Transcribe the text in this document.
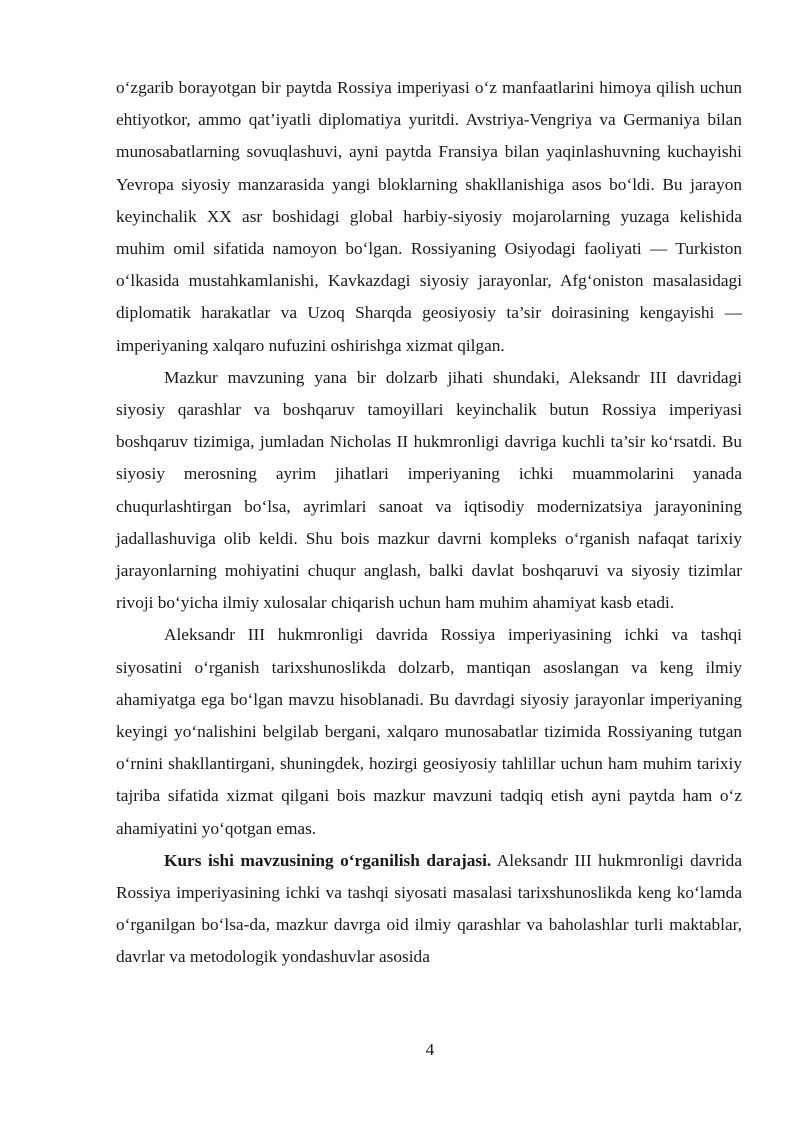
o‘zgarib borayotgan bir paytda Rossiya imperiyasi o‘z manfaatlarini himoya qilish uchun ehtiyotkor, ammo qat’iyatli diplomatiya yuritdi. Avstriya-Vengriya va Germaniya bilan munosabatlarning sovuqlashuvi, ayni paytda Fransiya bilan yaqinlashuvning kuchayishi Yevropa siyosiy manzarasida yangi bloklarning shakllanishiga asos bo‘ldi. Bu jarayon keyinchalik XX asr boshidagi global harbiy-siyosiy mojarolarning yuzaga kelishida muhim omil sifatida namoyon bo‘lgan. Rossiyaning Osiyodagi faoliyati — Turkiston o‘lkasida mustahkamlanishi, Kavkazdagi siyosiy jarayonlar, Afg‘oniston masalasidagi diplomatik harakatlar va Uzoq Sharqda geosiyosiy ta’sir doirasining kengayishi — imperiyaning xalqaro nufuzini oshirishga xizmat qilgan.

Mazkur mavzuning yana bir dolzarb jihati shundaki, Aleksandr III davridagi siyosiy qarashlar va boshqaruv tamoyillari keyinchalik butun Rossiya imperiyasi boshqaruv tizimiga, jumladan Nicholas II hukmronligi davriga kuchli ta’sir ko‘rsatdi. Bu siyosiy merosning ayrim jihatlari imperiyaning ichki muammolarini yanada chuqurlashtirgan bo‘lsa, ayrimlari sanoat va iqtisodiy modernizatsiya jarayonining jadallashuviga olib keldi. Shu bois mazkur davrni kompleks o‘rganish nafaqat tarixiy jarayonlarning mohiyatini chuqur anglash, balki davlat boshqaruvi va siyosiy tizimlar rivoji bo‘yicha ilmiy xulosalar chiqarish uchun ham muhim ahamiyat kasb etadi.

Aleksandr III hukmronligi davrida Rossiya imperiyasining ichki va tashqi siyosatini o‘rganish tarixshunoslikda dolzarb, mantiqan asoslangan va keng ilmiy ahamiyatga ega bo‘lgan mavzu hisoblanadi. Bu davrdagi siyosiy jarayonlar imperiyaning keyingi yo‘nalishini belgilab bergani, xalqaro munosabatlar tizimida Rossiyaning tutgan o‘rnini shakllantirgani, shuningdek, hozirgi geosiyosiy tahlillar uchun ham muhim tarixiy tajriba sifatida xizmat qilgani bois mazkur mavzuni tadqiq etish ayni paytda ham o‘z ahamiyatini yo‘qotgan emas.

Kurs ishi mavzusining o‘rganilish darajasi. Aleksandr III hukmronligi davrida Rossiya imperiyasining ichki va tashqi siyosati masalasi tarixshunoslikda keng ko‘lamda o‘rganilgan bo‘lsa-da, mazkur davrga oid ilmiy qarashlar va baholashlar turli maktablar, davrlar va metodologik yondashuvlar asosida

4
